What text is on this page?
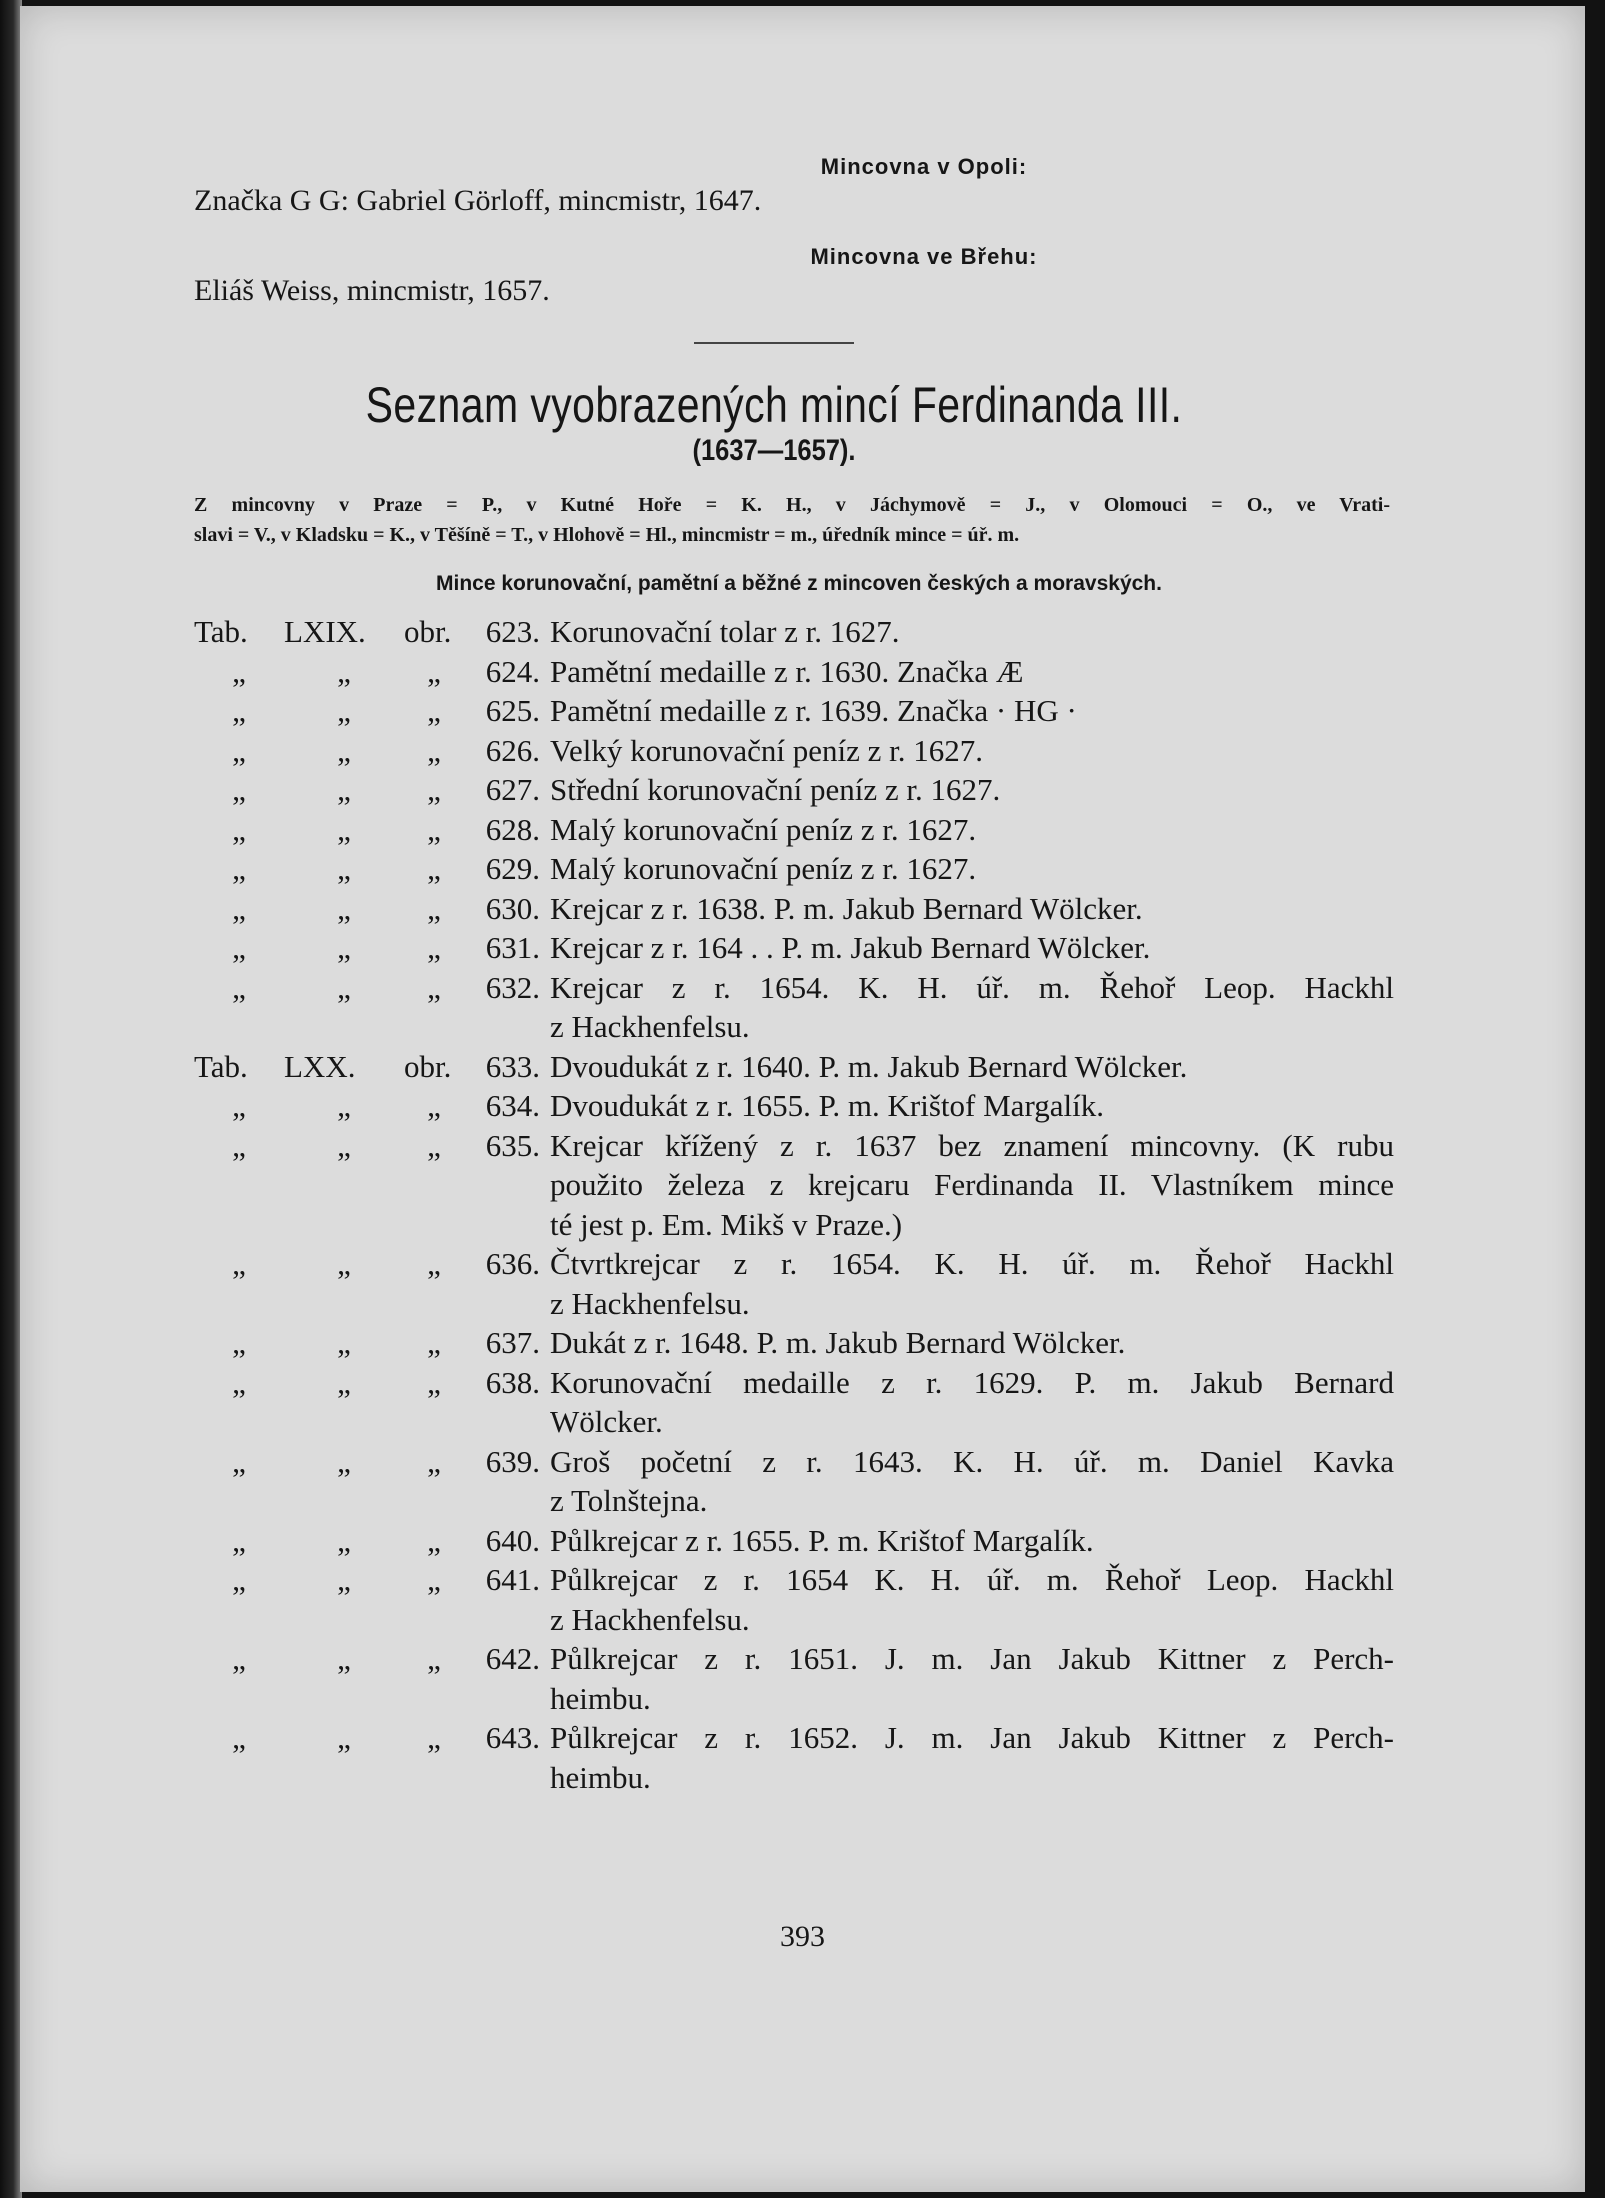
Mincovna v Opoli:

Značka G G: Gabriel Görloff, mincmistr, 1647.

Mincovna ve Břehu:

Eliáš Weiss, mincmistr, 1657.

Seznam vyobrazených mincí Ferdinanda III.

(1637—1657).

Z mincovny v Praze = P., v Kutné Hoře = K. H., v Jáchymově = J., v Olomouci = O., ve Vrati-

slavi = V., v Kladsku = K., v Těšíně = T., v Hlohově = Hl., mincmistr = m., úředník mince = úř. m.

Mince korunovační, pamětní a běžné z mincoven českých a moravských.

Tab.	LXIX.	obr.	623. Korunovační tolar z r. 1627.
„	„	„	624. Pamětní medaille z r. 1630. Značka Æ
„	„	„	625. Pamětní medaille z r. 1639. Značka · HG ·
„	„	„	626. Velký korunovační peníz z r. 1627.
„	„	„	627. Střední korunovační peníz z r. 1627.
„	„	„	628. Malý korunovační peníz z r. 1627.
„	„	„	629. Malý korunovační peníz z r. 1627.
„	„	„	630. Krejcar z r. 1638. P. m. Jakub Bernard Wölcker.
„	„	„	631. Krejcar z r. 164 . . P. m. Jakub Bernard Wölcker.
„	„	„	632. Krejcar z r. 1654. K. H. úř. m. Řehoř Leop. Hackhl
z Hackhenfelsu.
Tab.	LXX.	obr.	633. Dvoudukát z r. 1640. P. m. Jakub Bernard Wölcker.
„	„	„	634. Dvoudukát z r. 1655. P. m. Krištof Margalík.
„	„	„	635. Krejcar křížený z r. 1637 bez znamení mincovny. (K rubu
použito železa z krejcaru Ferdinanda II. Vlastníkem mince
té jest p. Em. Mikš v Praze.)
„	„	„	636. Čtvrtkrejcar z r. 1654. K. H. úř. m. Řehoř Hackhl
z Hackhenfelsu.
„	„	„	637. Dukát z r. 1648. P. m. Jakub Bernard Wölcker.
„	„	„	638. Korunovační medaille z r. 1629. P. m. Jakub Bernard
Wölcker.
„	„	„	639. Groš početní z r. 1643. K. H. úř. m. Daniel Kavka
z Tolnštejna.
„	„	„	640. Půlkrejcar z r. 1655. P. m. Krištof Margalík.
„	„	„	641. Půlkrejcar z r. 1654 K. H. úř. m. Řehoř Leop. Hackhl
z Hackhenfelsu.
„	„	„	642. Půlkrejcar z r. 1651. J. m. Jan Jakub Kittner z Perch-
heimbu.
„	„	„	643. Půlkrejcar z r. 1652. J. m. Jan Jakub Kittner z Perch-
heimbu.
393
